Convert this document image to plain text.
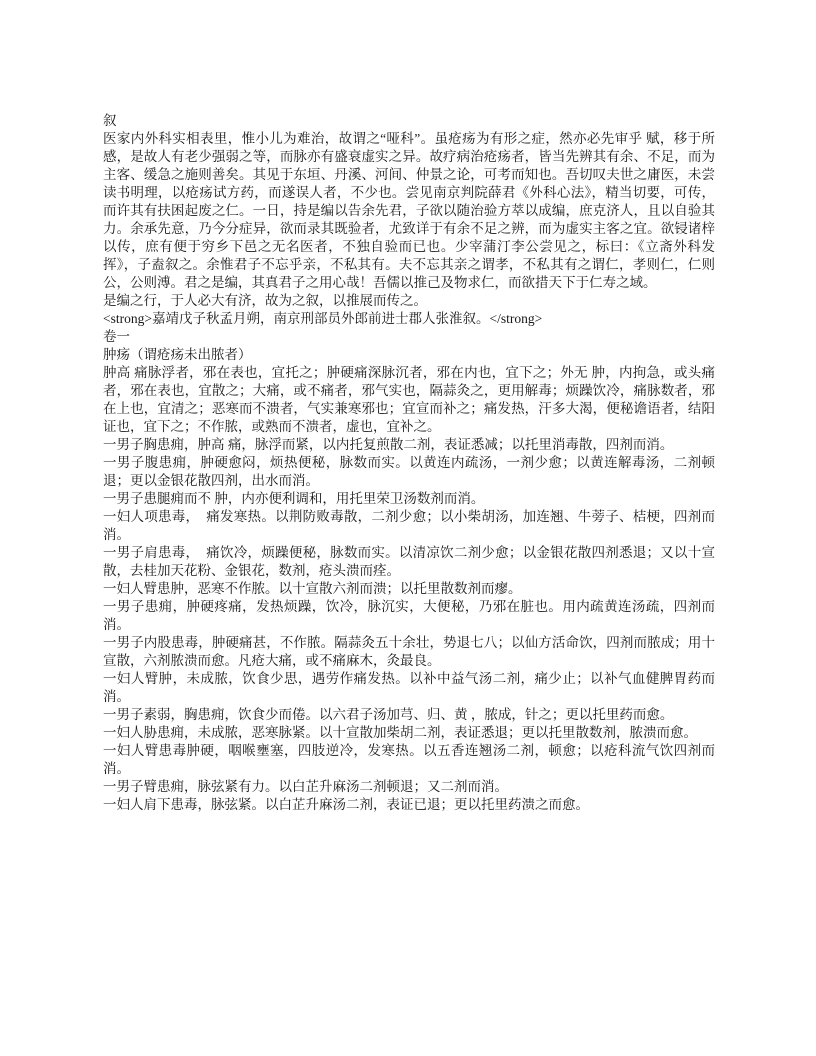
叙

医家内外科实相表里，惟小儿为难治，故谓之“哑科”。虽疮疡为有形之症，然亦必先审乎 赋，移于所感，是故人有老少强弱之等，而脉亦有盛衰虚实之异。故疗病治疮疡者，皆当先辨其有余、不足，而为主客、缓急之施则善矣。其见于东垣、丹溪、河间、仲景之论，可考而知也。吾切叹夫世之庸医，未尝读书明理，以疮疡试方药，而遂误人者，不少也。尝见南京判院薛君《外科心法》，精当切要，可传，而许其有扶困起废之仁。一日，持是编以告余先君，子欲以随治验方萃以成编，庶克济人，且以自验其力。余承先意，乃今分症异，欲而录其既验者，尤致详于有余不足之辨，而为虚实主客之宜。欲锓诸梓以传，庶有便于穷乡下邑之无名医者，不独自验而已也。少宰蒲汀李公尝见之，标曰：《立斋外科发挥》，子盍叙之。余惟君子不忘乎亲，不私其有。夫不忘其亲之谓孝，不私其有之谓仁，孝则仁，仁则公，公则溥。君之是编，其真君子之用心哉！吾儒以推己及物求仁，而欲措天下于仁寿之域。
是编之行，于人必大有济，故为之叙，以推展而传之。
<strong>嘉靖戊子秋孟月朔，南京刑部员外郎前进士郡人张淮叙。</strong>

卷一
肿疡（谓疮疡未出脓者）

肿高 痛脉浮者，邪在表也，宜托之；肿硬痛深脉沉者，邪在内也，宜下之；外无 肿，内拘急，或头痛者，邪在表也，宜散之；大痛，或不痛者，邪气实也，隔蒜灸之，更用解毒；烦躁饮冷，痛脉数者，邪在上也，宜清之；恶寒而不溃者，气实兼寒邪也；宜宣而补之；痛发热，汗多大渴，便秘谵语者，结阳证也，宜下之；不作脓，或熟而不溃者，虚也，宜补之。
一男子胸患痈，肿高 痛，脉浮而紧，以内托复煎散二剂，表证悉减；以托里消毒散，四剂而消。
一男子腹患痈，肿硬愈闷，烦热便秘，脉数而实。以黄连内疏汤，一剂少愈；以黄连解毒汤，二剂顿退；更以金银花散四剂，出水而消。
一男子患腿痈而不 肿，内亦便利调和，用托里荣卫汤数剂而消。
一妇人项患毒，　痛发寒热。以荆防败毒散，二剂少愈；以小柴胡汤，加连翘、牛蒡子、桔梗，四剂而消。
一男子肩患毒，　痛饮冷，烦躁便秘，脉数而实。以清凉饮二剂少愈；以金银花散四剂悉退；又以十宣散，去桂加天花粉、金银花，数剂，疮头溃而痊。
一妇人臂患肿，恶寒不作脓。以十宣散六剂而溃；以托里散数剂而瘳。
一男子患痈，肿硬疼痛，发热烦躁，饮冷，脉沉实，大便秘，乃邪在脏也。用内疏黄连汤疏，四剂而消。
一男子内股患毒，肿硬痛甚，不作脓。隔蒜灸五十余壮，势退七八；以仙方活命饮，四剂而脓成；用十宣散，六剂脓溃而愈。凡疮大痛，或不痛麻木，灸最良。
一妇人臂肿，未成脓，饮食少思，遇劳作痛发热。以补中益气汤二剂，痛少止；以补气血健脾胃药而消。
一男子素弱，胸患痈，饮食少而倦。以六君子汤加芎、归、黄 ，脓成，针之；更以托里药而愈。
一妇人胁患痈，未成脓，恶寒脉紧。以十宣散加柴胡二剂，表证悉退；更以托里散数剂，脓溃而愈。
一妇人臂患毒肿硬，咽喉壅塞，四肢逆冷，发寒热。以五香连翘汤二剂，顿愈；以疮科流气饮四剂而消。
一男子臂患痈，脉弦紧有力。以白芷升麻汤二剂顿退；又二剂而消。
一妇人肩下患毒，脉弦紧。以白芷升麻汤二剂，表证已退；更以托里药溃之而愈。
